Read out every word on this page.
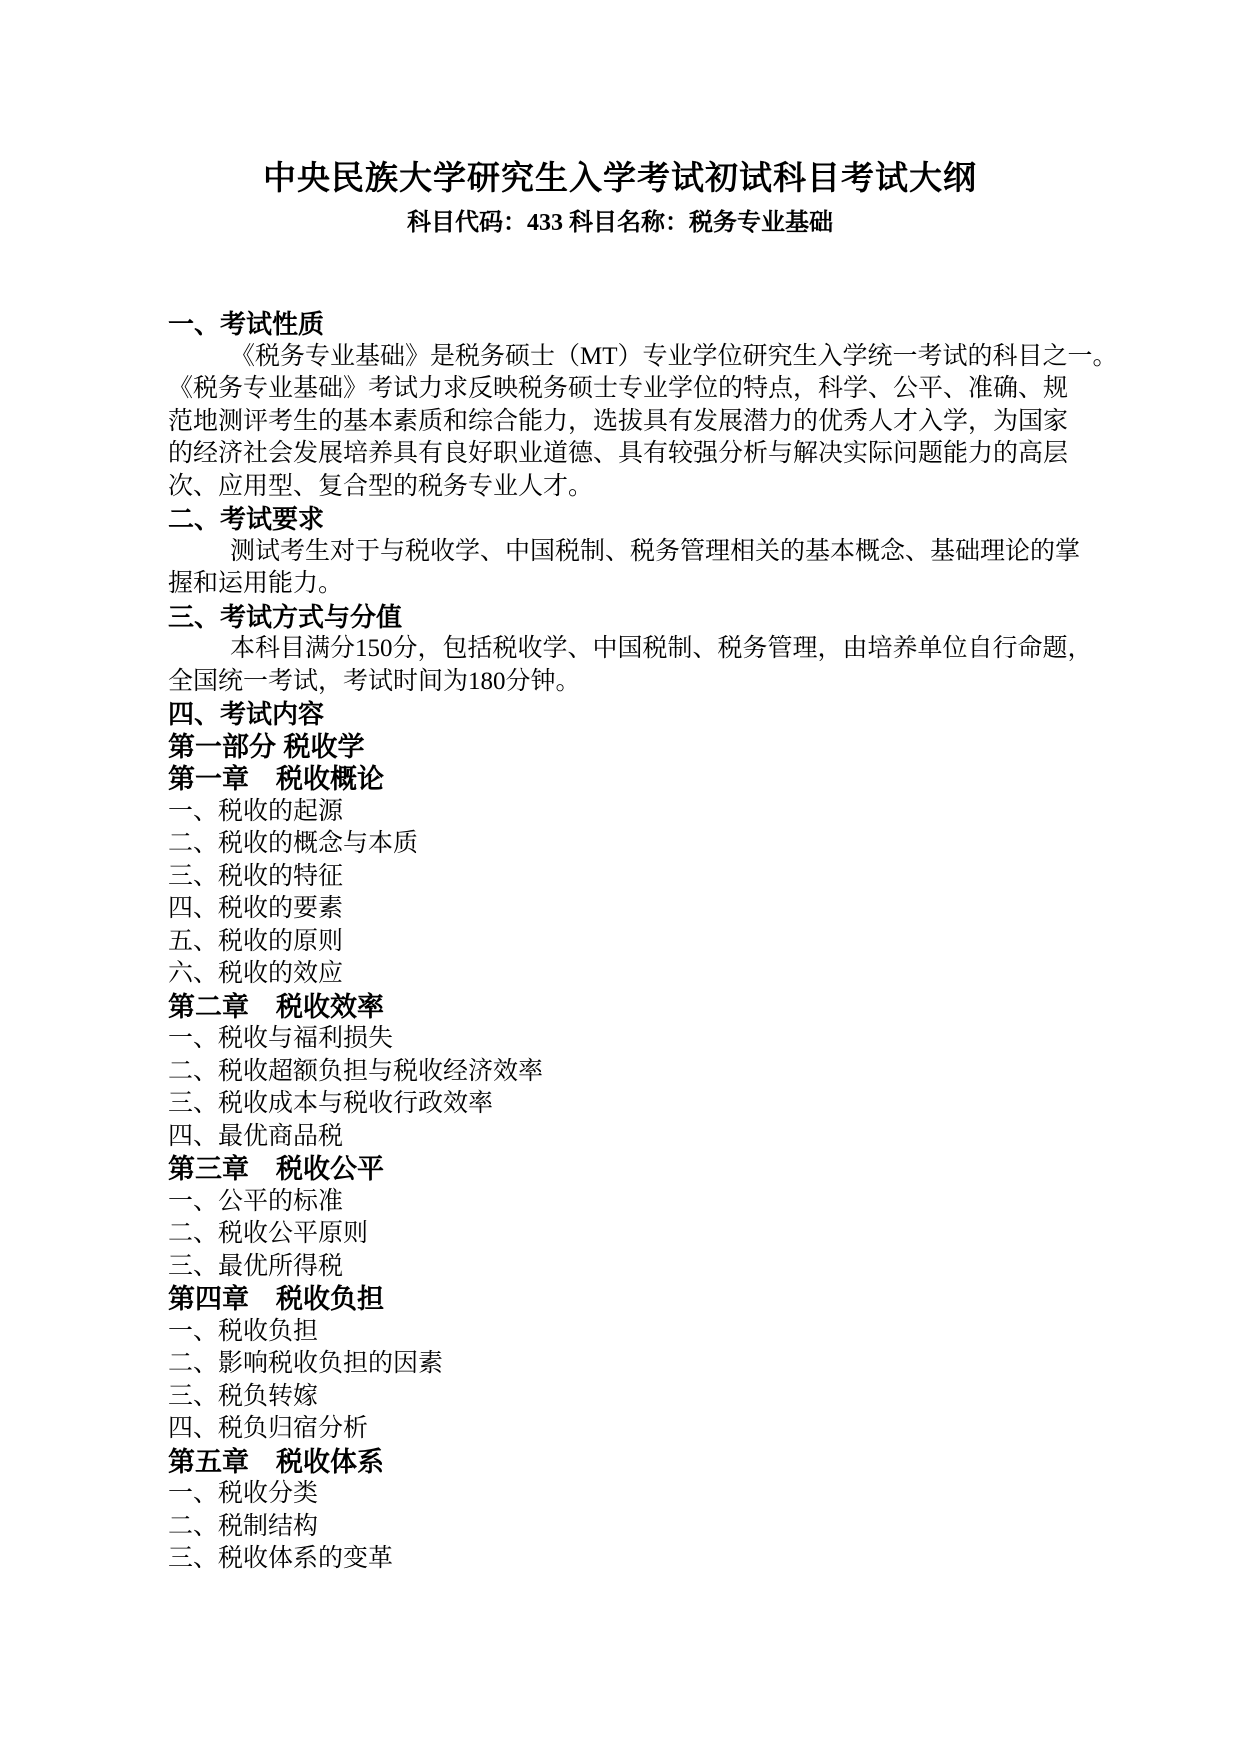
中央民族大学研究生入学考试初试科目考试大纲
科目代码：433 科目名称：税务专业基础
一、考试性质
《税务专业基础》是税务硕士（MT）专业学位研究生入学统一考试的科目之一。
《税务专业基础》考试力求反映税务硕士专业学位的特点，科学、公平、准确、规
范地测评考生的基本素质和综合能力，选拔具有发展潜力的优秀人才入学，为国家
的经济社会发展培养具有良好职业道德、具有较强分析与解决实际问题能力的高层
次、应用型、复合型的税务专业人才。
二、考试要求
测试考生对于与税收学、中国税制、税务管理相关的基本概念、基础理论的掌
握和运用能力。
三、考试方式与分值
本科目满分150分，包括税收学、中国税制、税务管理，由培养单位自行命题，
全国统一考试，考试时间为180分钟。
四、考试内容
第一部分 税收学
第一章　税收概论
一、税收的起源
二、税收的概念与本质
三、税收的特征
四、税收的要素
五、税收的原则
六、税收的效应
第二章　税收效率
一、税收与福利损失
二、税收超额负担与税收经济效率
三、税收成本与税收行政效率
四、最优商品税
第三章　税收公平
一、公平的标准
二、税收公平原则
三、最优所得税
第四章　税收负担
一、税收负担
二、影响税收负担的因素
三、税负转嫁
四、税负归宿分析
第五章　税收体系
一、税收分类
二、税制结构
三、税收体系的变革
